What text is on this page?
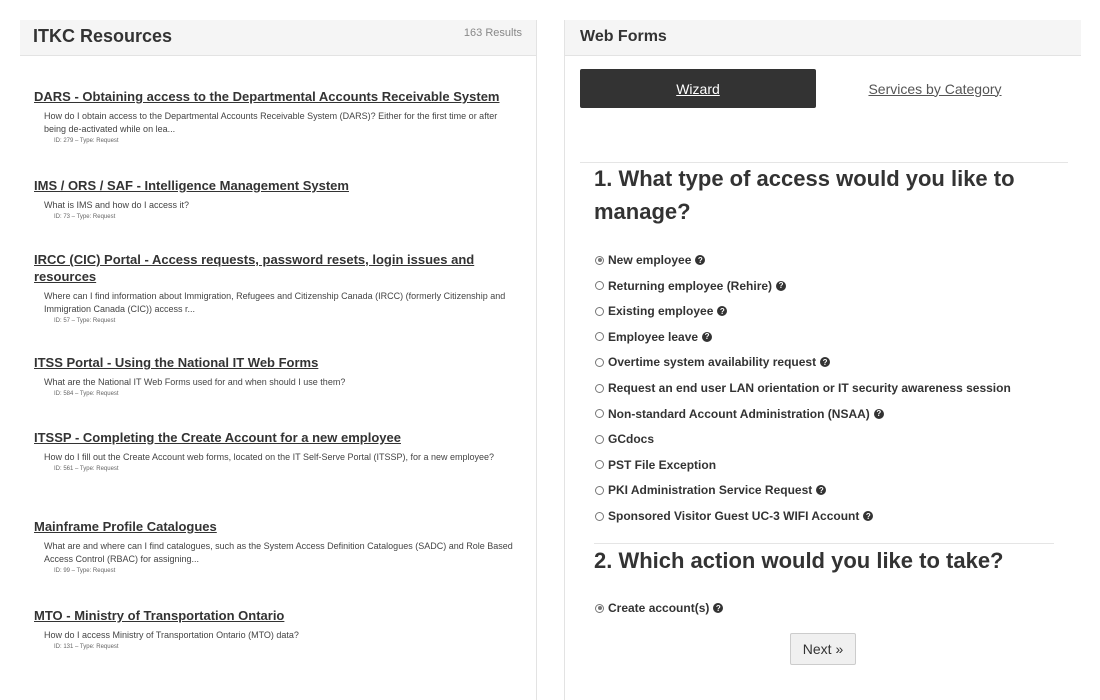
ITKC Resources	163 Results
DARS - Obtaining access to the Departmental Accounts Receivable System
How do I obtain access to the Departmental Accounts Receivable System (DARS)? Either for the first time or after being de-activated while on lea...
ID: 279 – Type: Request
IMS / ORS / SAF - Intelligence Management System
What is IMS and how do I access it?
ID: 73 – Type: Request
IRCC (CIC) Portal - Access requests, password resets, login issues and resources
Where can I find information about Immigration, Refugees and Citizenship Canada (IRCC) (formerly Citizenship and Immigration Canada (CIC)) access r...
ID: 57 – Type: Request
ITSS Portal - Using the National IT Web Forms
What are the National IT Web Forms used for and when should I use them?
ID: 584 – Type: Request
ITSSP - Completing the Create Account for a new employee
How do I fill out the Create Account web forms, located on the IT Self-Serve Portal (ITSSP), for a new employee?
ID: 561 – Type: Request
Mainframe Profile Catalogues
What are and where can I find catalogues, such as the System Access Definition Catalogues (SADC) and Role Based Access Control (RBAC) for assigning...
ID: 99 – Type: Request
MTO - Ministry of Transportation Ontario
How do I access Ministry of Transportation Ontario (MTO) data?
ID: 131 – Type: Request
Web Forms
Wizard	Services by Category
1. What type of access would you like to manage?
New employee ?
Returning employee (Rehire) ?
Existing employee ?
Employee leave ?
Overtime system availability request ?
Request an end user LAN orientation or IT security awareness session
Non-standard Account Administration (NSAA) ?
GCdocs
PST File Exception
PKI Administration Service Request ?
Sponsored Visitor Guest UC-3 WIFI Account ?
2. Which action would you like to take?
Create account(s) ?
Next »
